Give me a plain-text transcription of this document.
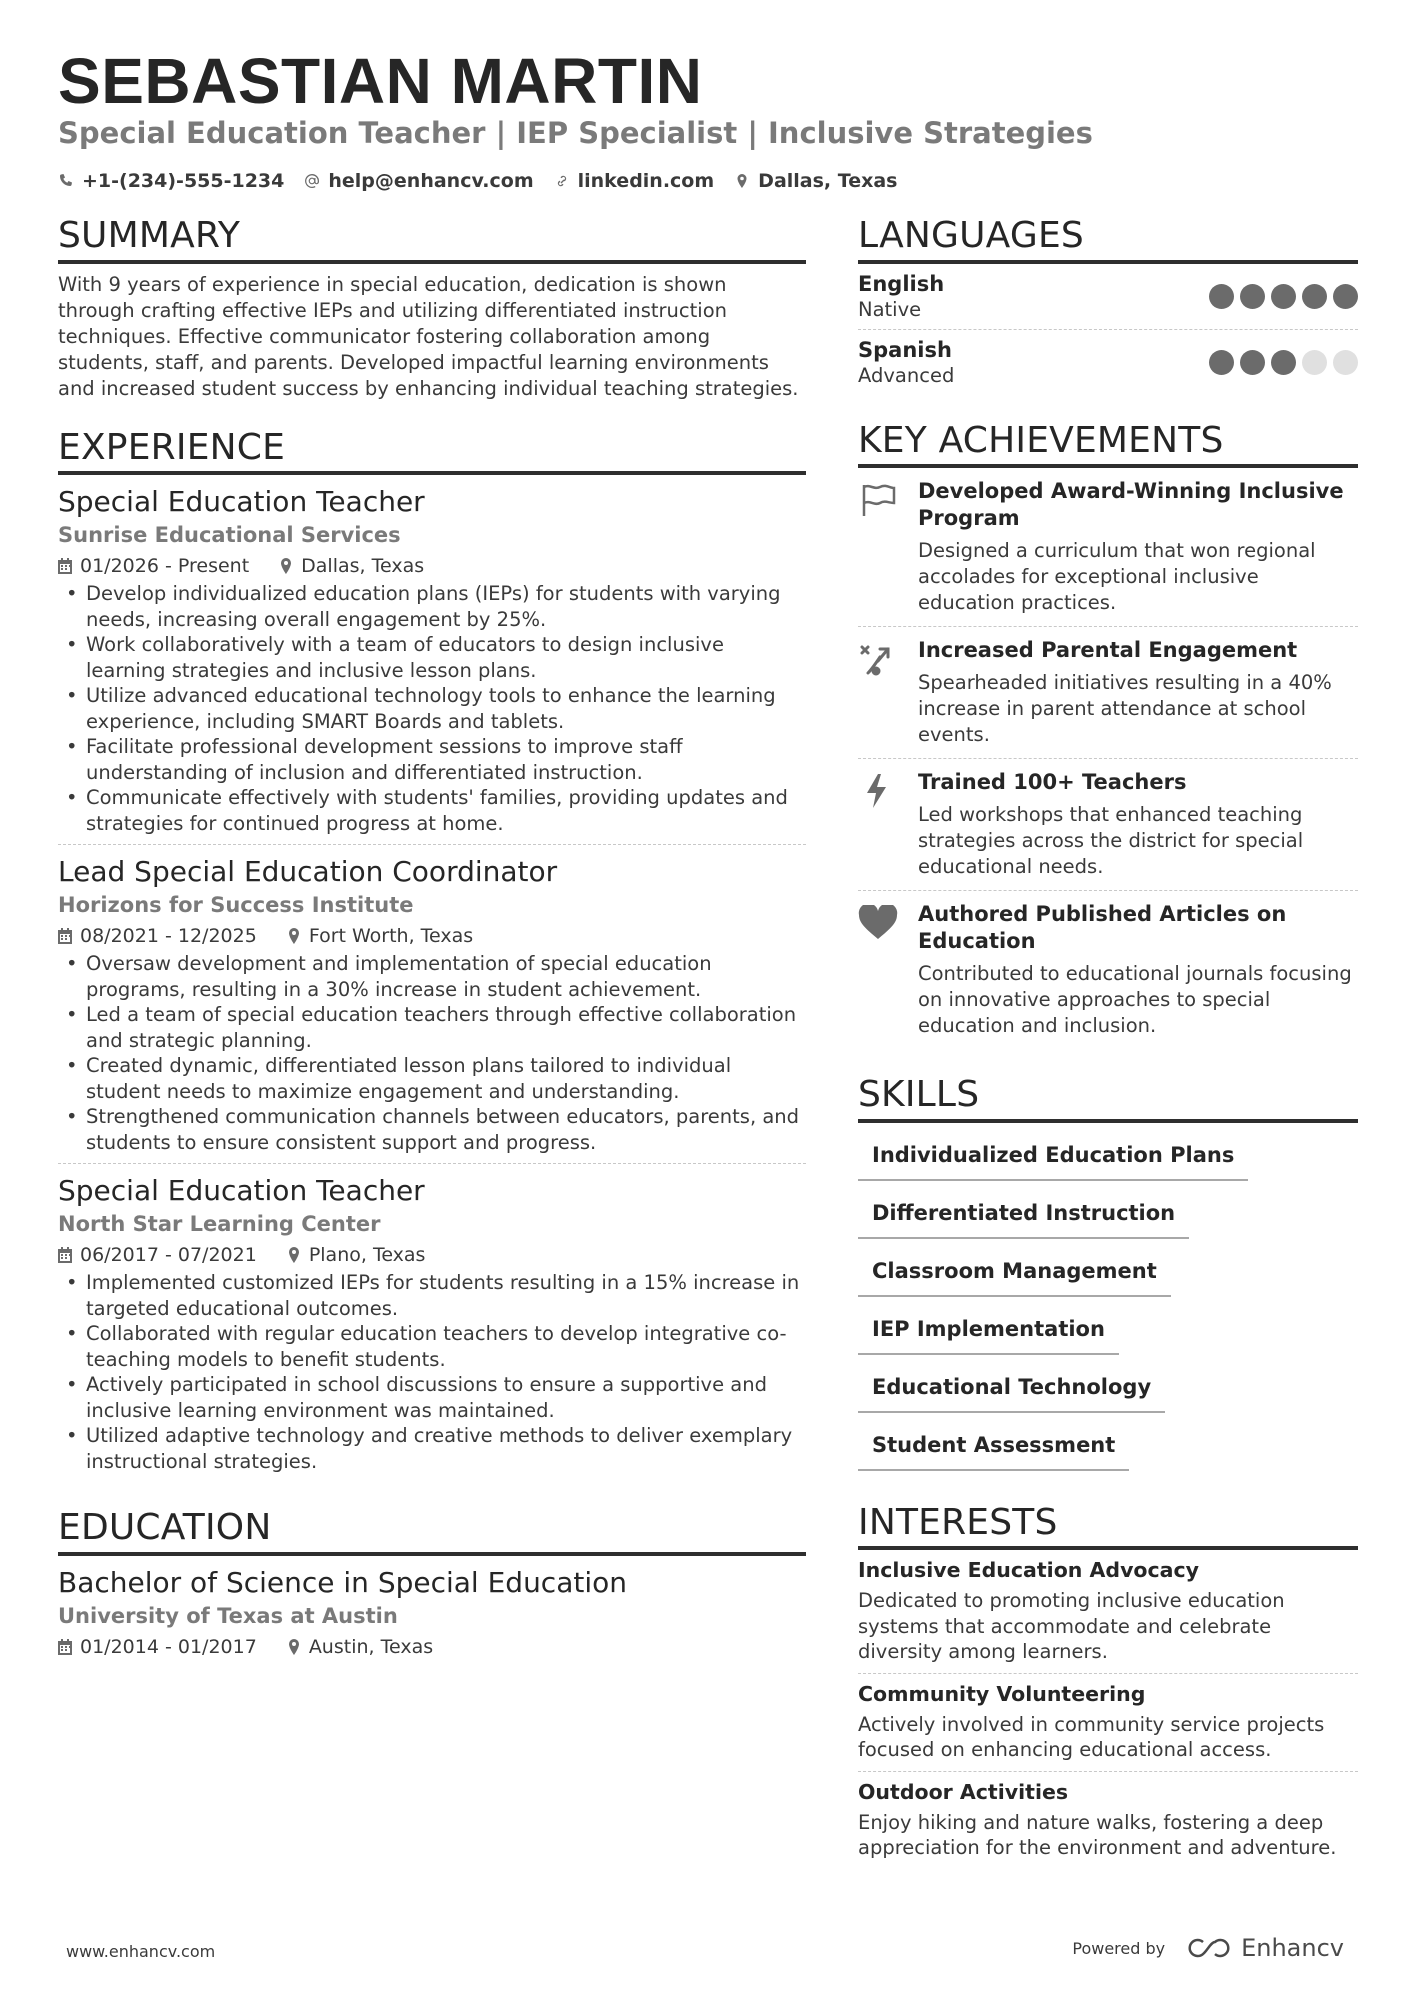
SEBASTIAN MARTIN
Special Education Teacher | IEP Specialist | Inclusive Strategies
+1-(234)-555-1234 help@enhancv.com linkedin.com Dallas, Texas
SUMMARY
With 9 years of experience in special education, dedication is shown through crafting effective IEPs and utilizing differentiated instruction techniques. Effective communicator fostering collaboration among students, staff, and parents. Developed impactful learning environments and increased student success by enhancing individual teaching strategies.
EXPERIENCE
Special Education Teacher
Sunrise Educational Services
01/2026 - Present	Dallas, Texas
• Develop individualized education plans (IEPs) for students with varying needs, increasing overall engagement by 25%.
• Work collaboratively with a team of educators to design inclusive learning strategies and inclusive lesson plans.
• Utilize advanced educational technology tools to enhance the learning experience, including SMART Boards and tablets.
• Facilitate professional development sessions to improve staff understanding of inclusion and differentiated instruction.
• Communicate effectively with students' families, providing updates and strategies for continued progress at home.
Lead Special Education Coordinator
Horizons for Success Institute
08/2021 - 12/2025	Fort Worth, Texas
• Oversaw development and implementation of special education programs, resulting in a 30% increase in student achievement.
• Led a team of special education teachers through effective collaboration and strategic planning.
• Created dynamic, differentiated lesson plans tailored to individual student needs to maximize engagement and understanding.
• Strengthened communication channels between educators, parents, and students to ensure consistent support and progress.
Special Education Teacher
North Star Learning Center
06/2017 - 07/2021	Plano, Texas
• Implemented customized IEPs for students resulting in a 15% increase in targeted educational outcomes.
• Collaborated with regular education teachers to develop integrative co-teaching models to benefit students.
• Actively participated in school discussions to ensure a supportive and inclusive learning environment was maintained.
• Utilized adaptive technology and creative methods to deliver exemplary instructional strategies.
EDUCATION
Bachelor of Science in Special Education
University of Texas at Austin
01/2014 - 01/2017	Austin, Texas
LANGUAGES
English
Native
Spanish
Advanced
KEY ACHIEVEMENTS
Developed Award-Winning Inclusive Program
Designed a curriculum that won regional accolades for exceptional inclusive education practices.
Increased Parental Engagement
Spearheaded initiatives resulting in a 40% increase in parent attendance at school events.
Trained 100+ Teachers
Led workshops that enhanced teaching strategies across the district for special educational needs.
Authored Published Articles on Education
Contributed to educational journals focusing on innovative approaches to special education and inclusion.
SKILLS
Individualized Education Plans
Differentiated Instruction
Classroom Management
IEP Implementation
Educational Technology
Student Assessment
INTERESTS
Inclusive Education Advocacy
Dedicated to promoting inclusive education systems that accommodate and celebrate diversity among learners.
Community Volunteering
Actively involved in community service projects focused on enhancing educational access.
Outdoor Activities
Enjoy hiking and nature walks, fostering a deep appreciation for the environment and adventure.
www.enhancv.com	Powered by	Enhancv
